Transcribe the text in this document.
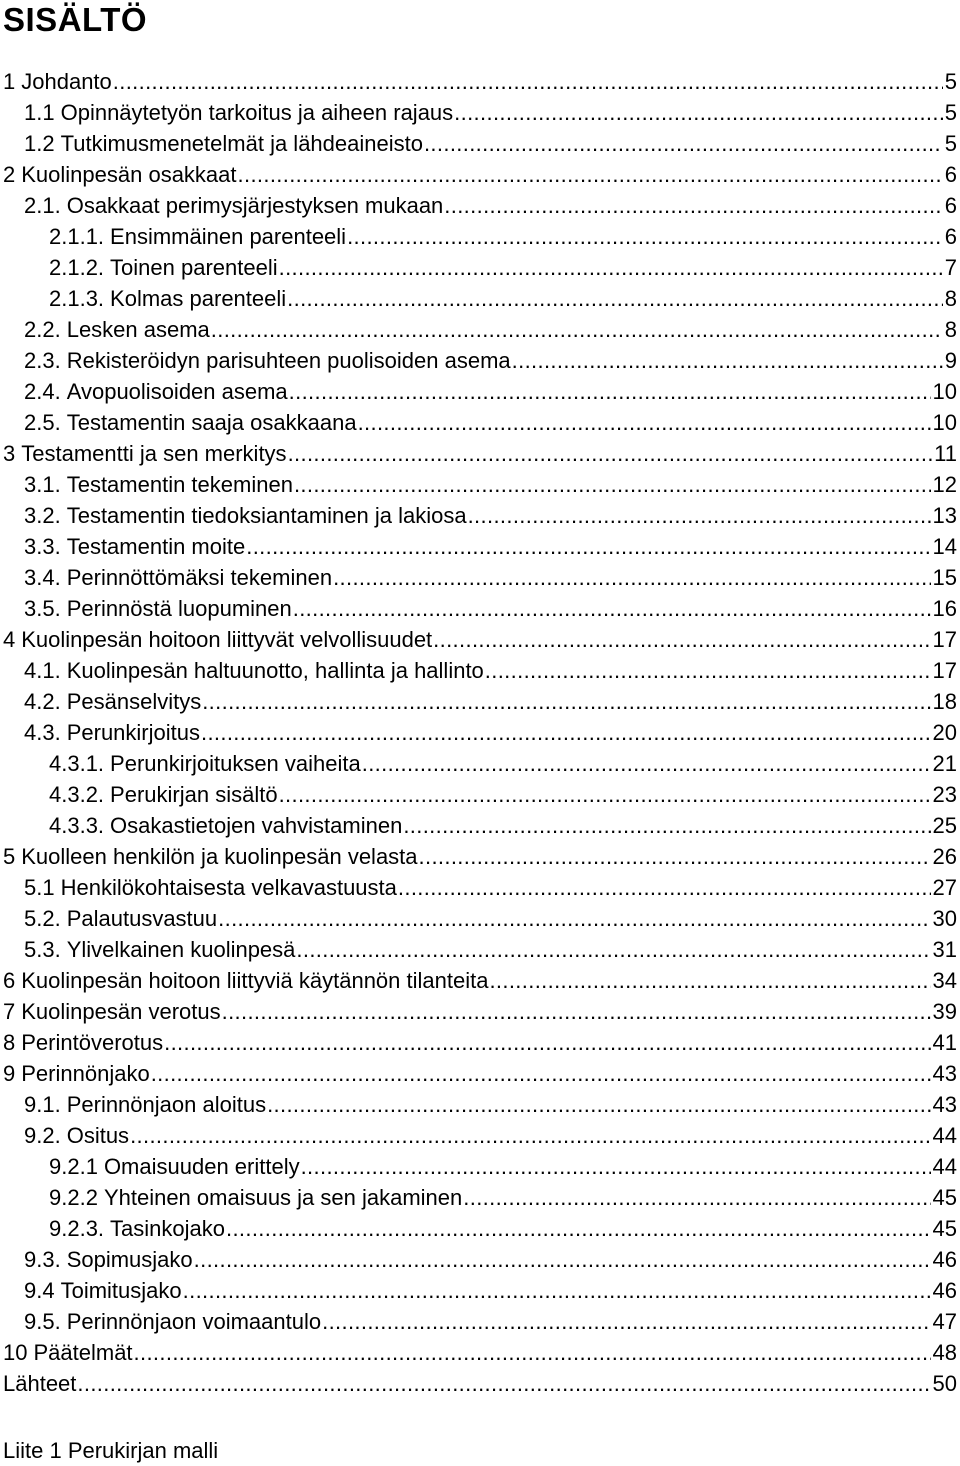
SISÄLTÖ
1 Johdanto .....	5
1.1 Opinnäytetyön tarkoitus ja aiheen rajaus .....	5
1.2 Tutkimusmenetelmät ja lähdeaineisto .....	5
2 Kuolinpesän osakkaat .....	6
2.1. Osakkaat perimysjärjestyksen mukaan .....	6
2.1.1. Ensimmäinen parenteeli .....	6
2.1.2. Toinen parenteeli .....	7
2.1.3. Kolmas parenteeli .....	8
2.2. Lesken asema .....	8
2.3. Rekisteröidyn parisuhteen puolisoiden asema .....	9
2.4. Avopuolisoiden asema .....	10
2.5. Testamentin saaja osakkaana .....	10
3 Testamentti ja sen merkitys .....	11
3.1. Testamentin tekeminen .....	12
3.2. Testamentin tiedoksiantaminen ja lakiosa .....	13
3.3. Testamentin moite .....	14
3.4. Perinnöttömäksi tekeminen .....	15
3.5. Perinnöstä luopuminen .....	16
4 Kuolinpesän hoitoon liittyvät velvollisuudet .....	17
4.1. Kuolinpesän haltuunotto, hallinta ja hallinto .....	17
4.2. Pesänselvitys .....	18
4.3. Perunkirjoitus .....	20
4.3.1. Perunkirjoituksen vaiheita .....	21
4.3.2. Perukirjan sisältö .....	23
4.3.3. Osakastietojen vahvistaminen .....	25
5 Kuolleen henkilön ja kuolinpesän velasta .....	26
5.1 Henkilökohtaisesta velkavastuusta .....	27
5.2. Palautusvastuu .....	30
5.3. Ylivelkainen kuolinpesä .....	31
6 Kuolinpesän hoitoon liittyviä käytännön tilanteita .....	34
7 Kuolinpesän verotus .....	39
8 Perintöverotus .....	41
9 Perinnönjako .....	43
9.1. Perinnönjaon aloitus .....	43
9.2. Ositus .....	44
9.2.1 Omaisuuden erittely .....	44
9.2.2 Yhteinen omaisuus ja sen jakaminen .....	45
9.2.3. Tasinkojako .....	45
9.3. Sopimusjako .....	46
9.4 Toimitusjako .....	46
9.5. Perinnönjaon voimaantulo .....	47
10 Päätelmät .....	48
Lähteet .....	50
Liite 1 Perukirjan malli
